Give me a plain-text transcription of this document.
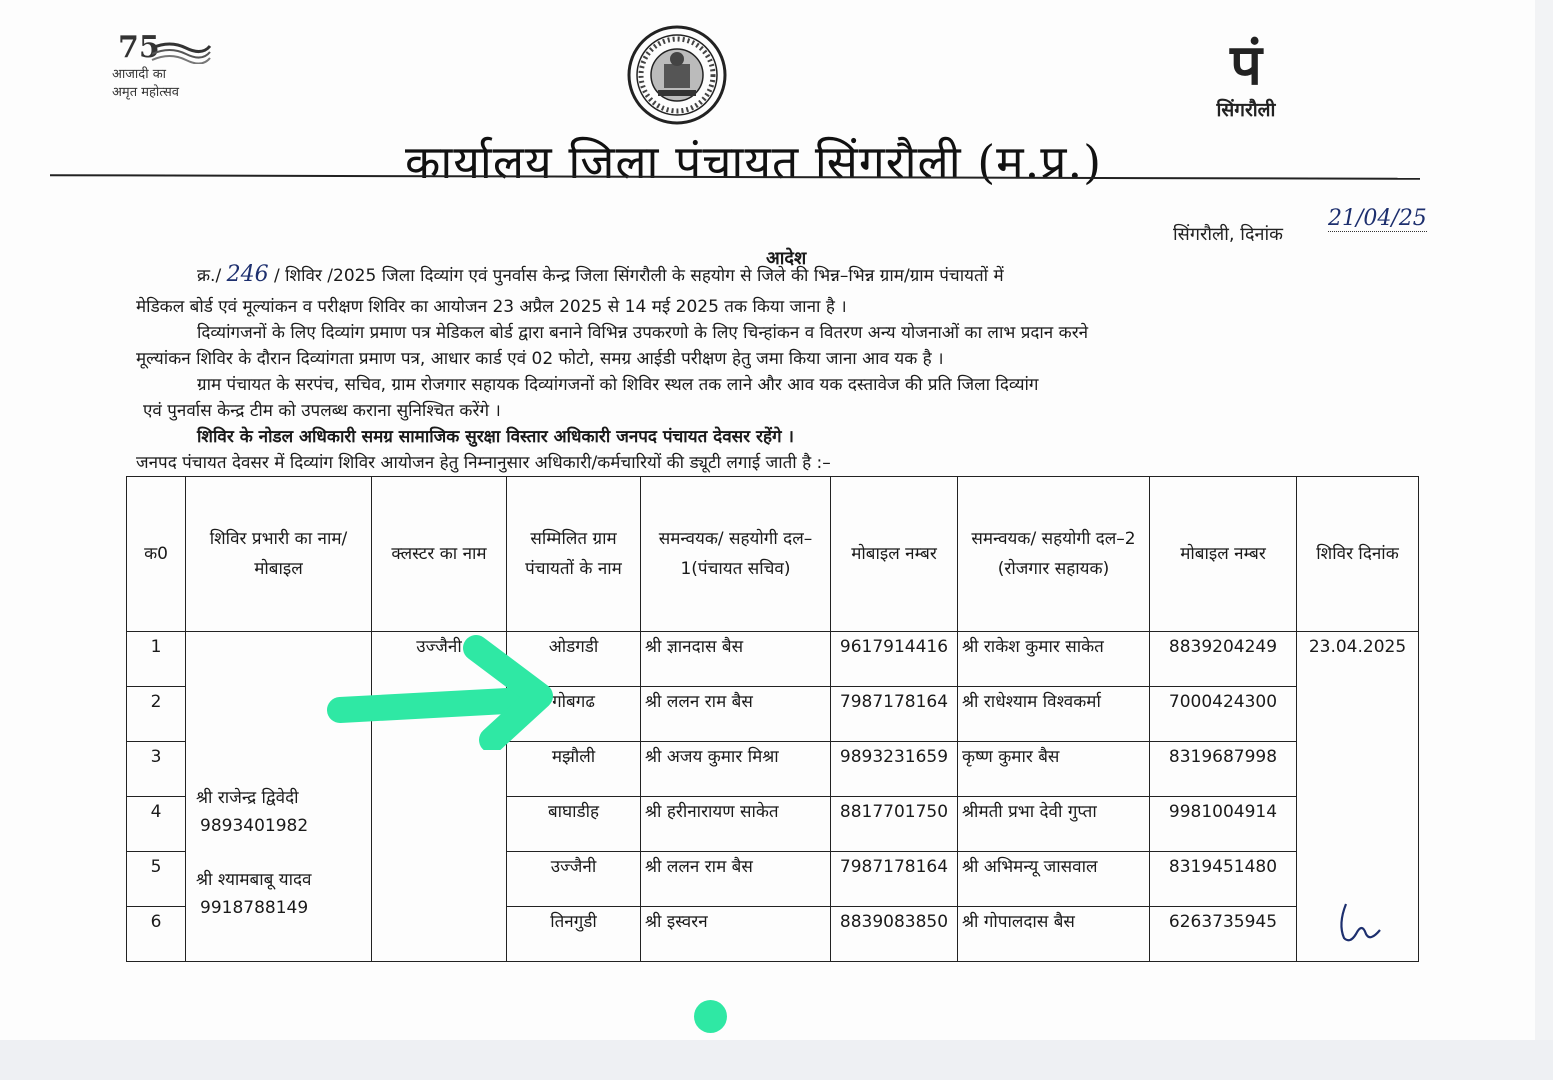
75
आजादी का
अमृत महोत्सव	पं
सिंगरौली
कार्यालय जिला पंचायत सिंगरौली (म.प्र.)
सिंगरौली, दिनांक
21/04/25
आदेश
क्र./ 246 / शिविर /2025 जिला दिव्यांग एवं पुनर्वास केन्द्र जिला सिंगरौली के सहयोग से जिले की भिन्न–भिन्न ग्राम/ग्राम पंचायतों में
मेडिकल बोर्ड एवं मूल्यांकन व परीक्षण शिविर का आयोजन 23 अप्रैल 2025 से 14 मई 2025 तक किया जाना है ।
दिव्यांगजनों के लिए दिव्यांग प्रमाण पत्र मेडिकल बोर्ड द्वारा बनाने विभिन्न उपकरणो के लिए चिन्हांकन व वितरण अन्य योजनाओं का लाभ प्रदान करने
मूल्यांकन शिविर के दौरान दिव्यांगता प्रमाण पत्र, आधार कार्ड एवं 02 फोटो, समग्र आईडी परीक्षण हेतु जमा किया जाना आव यक है ।
ग्राम पंचायत के सरपंच, सचिव, ग्राम रोजगार सहायक दिव्यांगजनों को शिविर स्थल तक लाने और आव यक दस्तावेज की प्रति जिला दिव्यांग
एवं पुनर्वास केन्द्र टीम को उपलब्ध कराना सुनिश्चित करेंगे ।
शिविर के नोडल अधिकारी समग्र सामाजिक सुरक्षा विस्तार अधिकारी जनपद पंचायत देवसर रहेंगे ।
जनपद पंचायत देवसर में दिव्यांग शिविर आयोजन हेतु निम्नानुसार अधिकारी/कर्मचारियों की ड्यूटी लगाई जाती है :–
क0	शिविर प्रभारी का नाम/ मोबाइल	क्लस्टर का नाम	सम्मिलित ग्राम पंचायतों के नाम	समन्वयक/ सहयोगी दल–1(पंचायत सचिव)	मोबाइल नम्बर	समन्वयक/ सहयोगी दल–2 (रोजगार सहायक)	मोबाइल नम्बर	शिविर दिनांक
1	श्री राजेन्द्र द्विवेदी
9893401982
श्री श्यामबाबू यादव
9918788149	उज्जैनी	ओडगडी	श्री ज्ञानदास बैस	9617914416	श्री राकेश कुमार साकेत	8839204249	23.04.2025
2			गोबगढ	श्री ललन राम बैस	7987178164	श्री राधेश्याम विश्वकर्मा	7000424300	
3			मझौली	श्री अजय कुमार मिश्रा	9893231659	कृष्ण कुमार बैस	8319687998	
4			बाघाडीह	श्री हरीनारायण साकेत	8817701750	श्रीमती प्रभा देवी गुप्ता	9981004914	
5			उज्जैनी	श्री ललन राम बैस	7987178164	श्री अभिमन्यू जासवाल	8319451480	
6			तिनगुडी	श्री इस्वरन	8839083850	श्री गोपालदास बैस	6263735945	
